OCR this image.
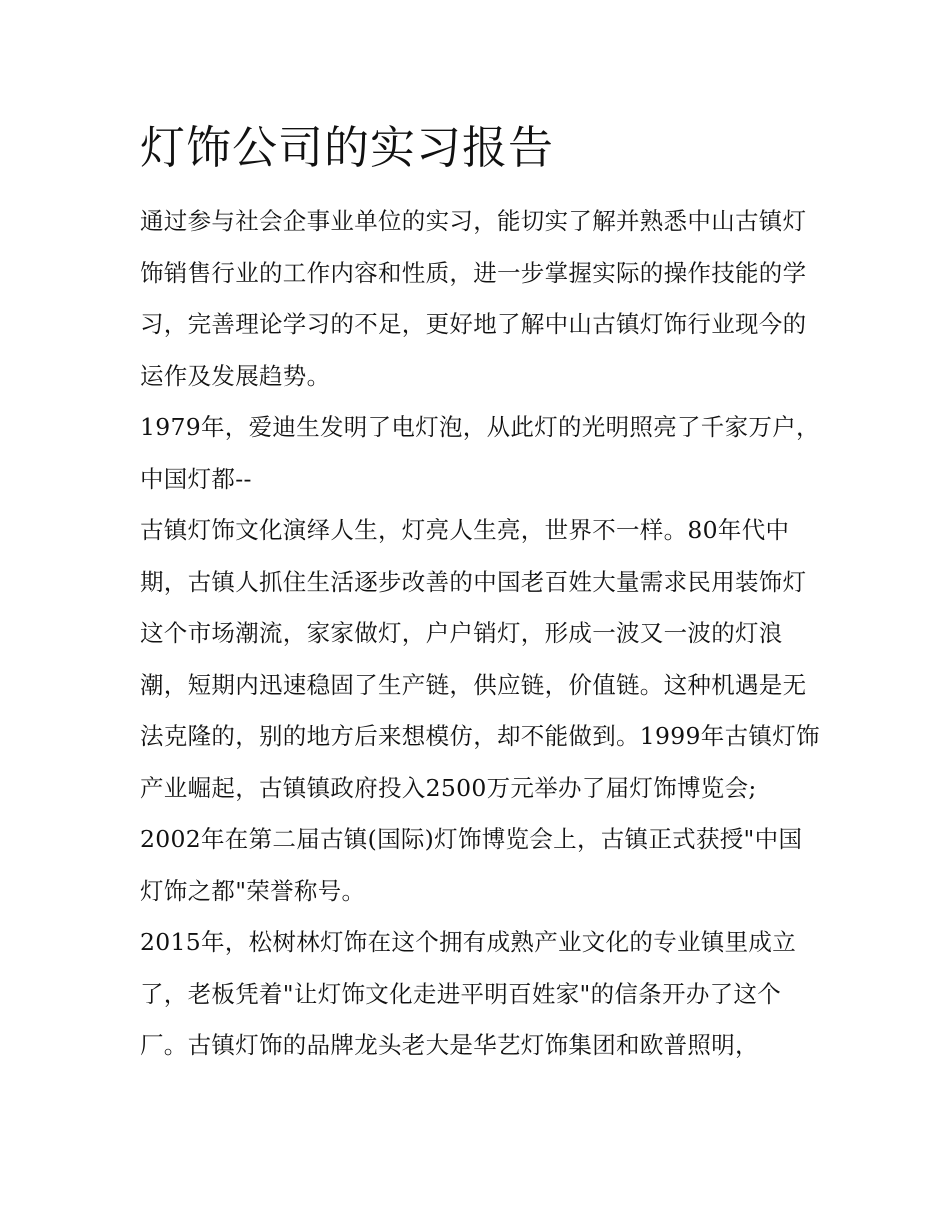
灯饰公司的实习报告

通过参与社会企事业单位的实习，能切实了解并熟悉中山古镇灯饰销售行业的工作内容和性质，进一步掌握实际的操作技能的学习，完善理论学习的不足，更好地了解中山古镇灯饰行业现今的运作及发展趋势。

1979年，爱迪生发明了电灯泡，从此灯的光明照亮了千家万户，中国灯都--

古镇灯饰文化演绎人生，灯亮人生亮，世界不一样。80年代中期，古镇人抓住生活逐步改善的中国老百姓大量需求民用装饰灯这个市场潮流，家家做灯，户户销灯，形成一波又一波的灯浪潮，短期内迅速稳固了生产链，供应链，价值链。这种机遇是无法克隆的，别的地方后来想模仿，却不能做到。1999年古镇灯饰产业崛起，古镇镇政府投入2500万元举办了届灯饰博览会;

2002年在第二届古镇(国际)灯饰博览会上，古镇正式获授"中国灯饰之都"荣誉称号。

2015年，松树林灯饰在这个拥有成熟产业文化的专业镇里成立了，老板凭着"让灯饰文化走进平明百姓家"的信条开办了这个厂。古镇灯饰的品牌龙头老大是华艺灯饰集团和欧普照明，
